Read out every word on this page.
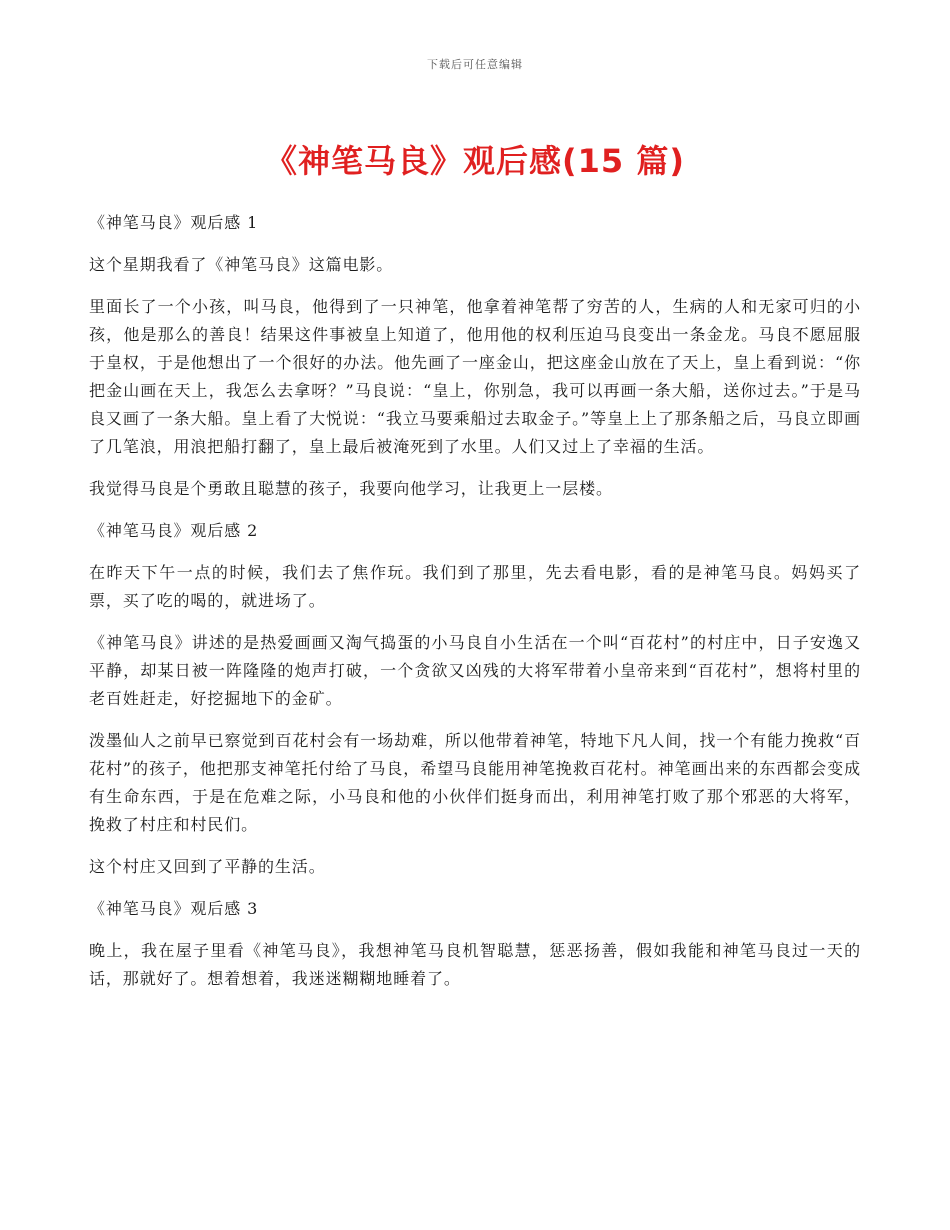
下载后可任意编辑
《神笔马良》观后感(15 篇)

《神笔马良》观后感 1

这个星期我看了《神笔马良》这篇电影。

里面长了一个小孩，叫马良，他得到了一只神笔，他拿着神笔帮了穷苦的人，生病的人和无家可归的小孩，他是那么的善良！结果这件事被皇上知道了，他用他的权利压迫马良变出一条金龙。马良不愿屈服于皇权，于是他想出了一个很好的办法。他先画了一座金山，把这座金山放在了天上，皇上看到说：“你把金山画在天上，我怎么去拿呀？”马良说：“皇上，你别急，我可以再画一条大船，送你过去。”于是马良又画了一条大船。皇上看了大悦说：“我立马要乘船过去取金子。”等皇上上了那条船之后，马良立即画了几笔浪，用浪把船打翻了，皇上最后被淹死到了水里。人们又过上了幸福的生活。

我觉得马良是个勇敢且聪慧的孩子，我要向他学习，让我更上一层楼。

《神笔马良》观后感 2

在昨天下午一点的时候，我们去了焦作玩。我们到了那里，先去看电影，看的是神笔马良。妈妈买了票，买了吃的喝的，就进场了。

《神笔马良》讲述的是热爱画画又淘气捣蛋的小马良自小生活在一个叫“百花村”的村庄中，日子安逸又平静，却某日被一阵隆隆的炮声打破，一个贪欲又凶残的大将军带着小皇帝来到“百花村”，想将村里的老百姓赶走，好挖掘地下的金矿。

泼墨仙人之前早已察觉到百花村会有一场劫难，所以他带着神笔，特地下凡人间，找一个有能力挽救“百花村”的孩子，他把那支神笔托付给了马良，希望马良能用神笔挽救百花村。神笔画出来的东西都会变成有生命东西，于是在危难之际，小马良和他的小伙伴们挺身而出，利用神笔打败了那个邪恶的大将军，挽救了村庄和村民们。

这个村庄又回到了平静的生活。

《神笔马良》观后感 3

晚上，我在屋子里看《神笔马良》，我想神笔马良机智聪慧，惩恶扬善，假如我能和神笔马良过一天的话，那就好了。想着想着，我迷迷糊糊地睡着了。
